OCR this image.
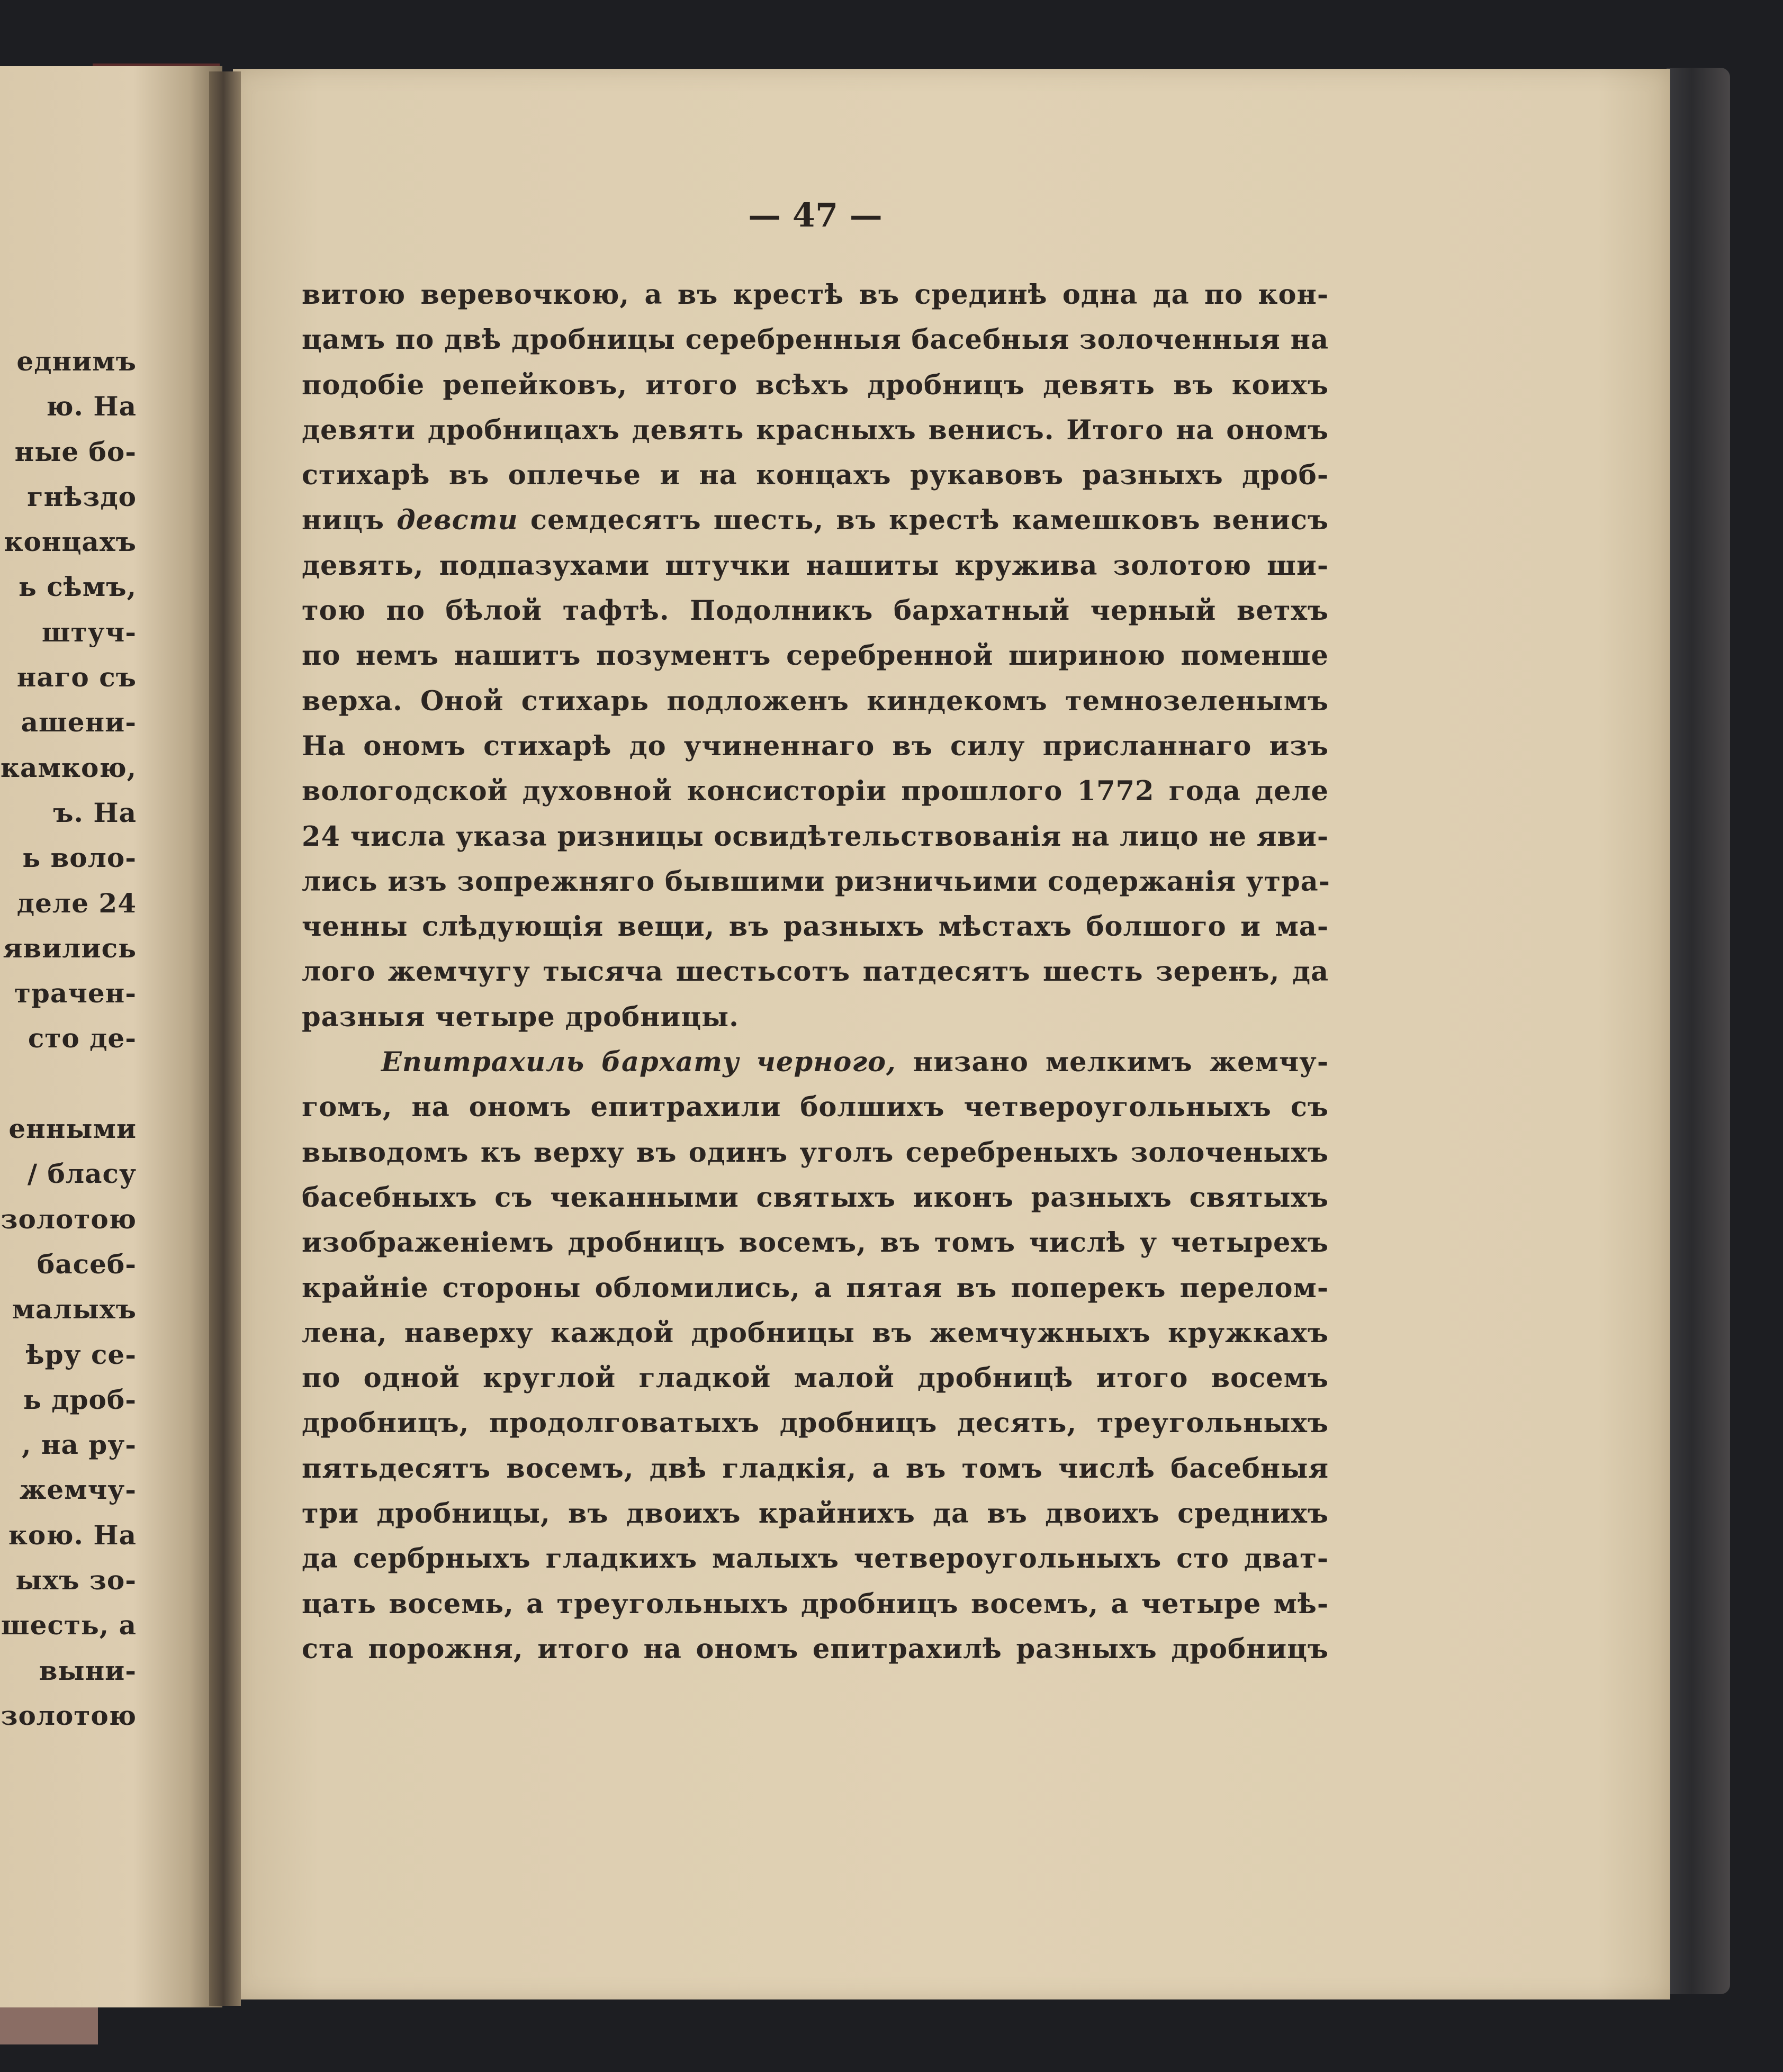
еднимъ
ю. На
ные бо-
гнѣздо
концахъ
ь сѣмъ,
штуч-
наго съ
ашени-
камкою,
ъ. На
ь воло-
деле 24
явились
трачен-
сто де-
енными
/ бласу
золотою
басеб-
малыхъ
ѣру се-
ь дроб-
, на ру-
жемчу-
кою. На
ыхъ зо-
шесть, а
выни-
золотою
— 47 —
витою веревочкою, а въ крестѣ въ срединѣ одна да по кон-
цамъ по двѣ дробницы серебренныя басебныя золоченныя на
подобіе репейковъ, итого всѣхъ дробницъ девять въ коихъ
девяти дробницахъ девять красныхъ венисъ. Итого на ономъ
стихарѣ въ оплечье и на концахъ рукавовъ разныхъ дроб-
ницъ девсти семдесятъ шесть, въ крестѣ камешковъ венисъ
девять, подпазухами штучки нашиты кружива золотою ши-
тою по бѣлой тафтѣ. Подолникъ бархатный черный ветхъ
по немъ нашитъ позументъ серебренной шириною поменше
верха. Оной стихарь подложенъ киндекомъ темнозеленымъ
На ономъ стихарѣ до учиненнаго въ силу присланнаго изъ
вологодской духовной консисторіи прошлого 1772 года деле
24 числа указа ризницы освидѣтельствованія на лицо не яви-
лись изъ зопрежняго бывшими ризничьими содержанія утра-
ченны слѣдующія вещи, въ разныхъ мѣстахъ болшого и ма-
лого жемчугу тысяча шестьсотъ патдесятъ шесть зеренъ, да
разныя четыре дробницы.
Епитрахиль бархату черного, низано мелкимъ жемчу-
гомъ, на ономъ епитрахили болшихъ четвероугольныхъ съ
выводомъ къ верху въ одинъ уголъ серебреныхъ золоченыхъ
басебныхъ съ чеканными святыхъ иконъ разныхъ святыхъ
изображеніемъ дробницъ восемъ, въ томъ числѣ у четырехъ
крайніе стороны обломились, а пятая въ поперекъ перелом-
лена, наверху каждой дробницы въ жемчужныхъ кружкахъ
по одной круглой гладкой малой дробницѣ итого восемъ
дробницъ, продолговатыхъ дробницъ десять, треугольныхъ
пятьдесятъ восемъ, двѣ гладкія, а въ томъ числѣ басебныя
три дробницы, въ двоихъ крайнихъ да въ двоихъ среднихъ
да сербрныхъ гладкихъ малыхъ четвероугольныхъ сто дват-
цать восемь, а треугольныхъ дробницъ восемъ, а четыре мѣ-
ста порожня, итого на ономъ епитрахилѣ разныхъ дробницъ
